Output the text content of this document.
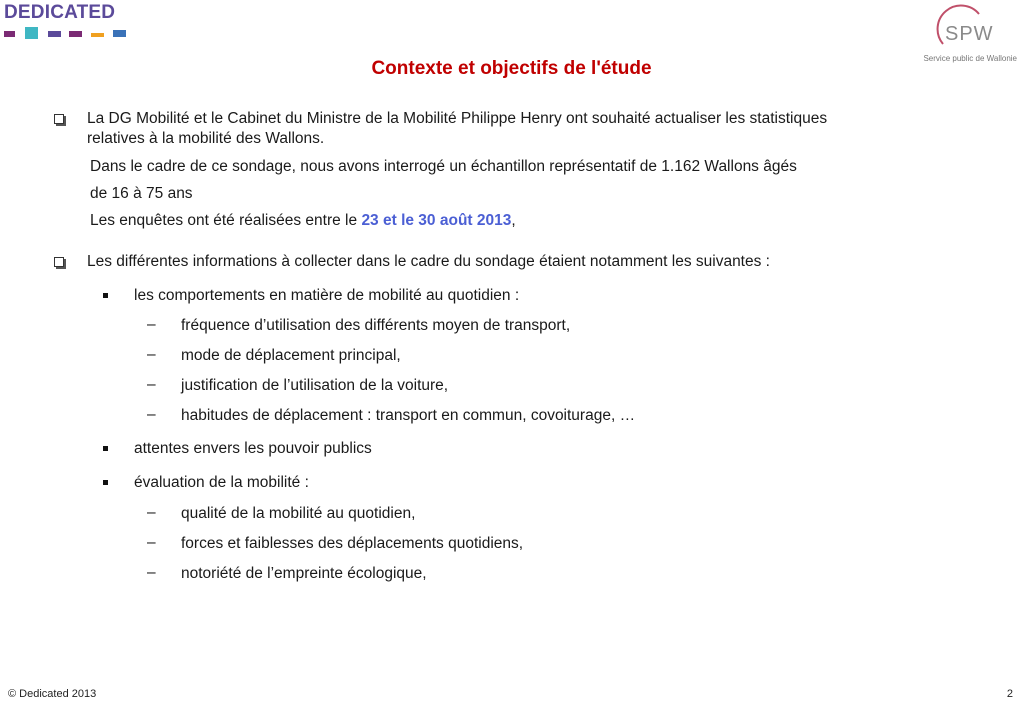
DEDICATED
SPW
Service public de Wallonie
Contexte et objectifs de l'étude
La DG Mobilité et le Cabinet du Ministre de la Mobilité Philippe Henry ont souhaité actualiser les statistiques
relatives à la mobilité des Wallons.
Dans le cadre de ce sondage, nous avons interrogé un échantillon représentatif de 1.162 Wallons âgés
de 16 à 75 ans
Les enquêtes ont été réalisées entre le 23 et le 30 août 2013,
Les différentes informations à collecter dans le cadre du sondage étaient notamment les suivantes :
les comportements en matière de mobilité au quotidien :
– fréquence d’utilisation des différents moyen de transport,
– mode de déplacement principal,
– justification de l’utilisation de la voiture,
– habitudes de déplacement : transport en commun, covoiturage, …
attentes envers les pouvoir publics
évaluation de la mobilité :
– qualité de la mobilité au quotidien,
– forces et faiblesses des déplacements quotidiens,
– notoriété de l’empreinte écologique,
© Dedicated 2013	2
